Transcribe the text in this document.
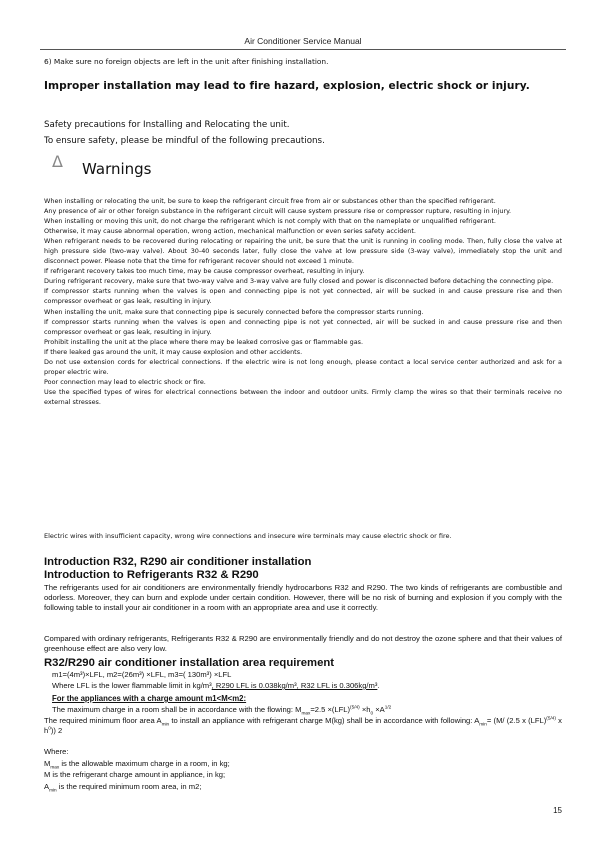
Air Conditioner Service Manual
6) Make sure no foreign objects are left in the unit after finishing installation.
Improper installation may lead to fire hazard, explosion, electric shock or injury.
Safety precautions for Installing and Relocating the unit.
To ensure safety, please be mindful of the following precautions.
Δ Warnings

When installing or relocating the unit, be sure to keep the refrigerant circuit free from air or substances other than the specified refrigerant.

Any presence of air or other foreign substance in the refrigerant circuit will cause system pressure rise or compressor rupture, resulting in injury.

When installing or moving this unit, do not charge the refrigerant which is not comply with that on the nameplate or unqualified refrigerant.

Otherwise, it may cause abnormal operation, wrong action, mechanical malfunction or even series safety accident.

When refrigerant needs to be recovered during relocating or repairing the unit, be sure that the unit is running in cooling mode. Then, fully close the valve at high pressure side (two-way valve). About 30-40 seconds later, fully close the valve at low pressure side (3-way valve), immediately stop the unit and disconnect power. Please note that the time for refrigerant recover should not exceed 1 minute.

If refrigerant recovery takes too much time, may be cause compressor overheat, resulting in injury.

During refrigerant recovery, make sure that two-way valve and 3-way valve are fully closed and power is disconnected before detaching the connecting pipe.

If compressor starts running when the valves is open and connecting pipe is not yet connected, air will be sucked in and cause pressure rise and then compressor overheat or gas leak, resulting in injury.

When installing the unit, make sure that connecting pipe is securely connected before the compressor starts running.

If compressor starts running when the valves is open and connecting pipe is not yet connected, air will be sucked in and cause pressure rise and then compressor overheat or gas leak, resulting in injury.

Prohibit installing the unit at the place where there may be leaked corrosive gas or flammable gas.

If there leaked gas around the unit, it may cause explosion and other accidents.

Do not use extension cords for electrical connections. If the electric wire is not long enough, please contact a local service center authorized and ask for a proper electric wire.

Poor connection may lead to electric shock or fire.

Use the specified types of wires for electrical connections between the indoor and outdoor units. Firmly clamp the wires so that their terminals receive no external stresses.

Electric wires with insufficient capacity, wrong wire connections and insecure wire terminals may cause electric shock or fire.
Introduction R32, R290 air conditioner installation
Introduction to Refrigerants R32 & R290

The refrigerants used for air conditioners are environmentally friendly hydrocarbons R32 and R290. The two kinds of refrigerants are combustible and odorless. Moreover, they can burn and explode under certain condition. However, there will be no risk of burning and explosion if you comply with the following table to install your air conditioner in a room with an appropriate area and use it correctly.

Compared with ordinary refrigerants, Refrigerants R32 & R290 are environmentally friendly and do not destroy the ozone sphere and that their values of greenhouse effect are also very low.

R32/R290 air conditioner installation area requirement
m1=(4m³)×LFL, m2=(26m³) ×LFL, m3=( 130m³) ×LFL
Where LFL is the lower flammable limit in kg/m³, R290 LFL is 0.038kg/m³, R32 LFL is 0.306kg/m³.
For the appliances with a charge amount m1<M<m2:
The maximum charge in a room shall be in accordance with the flowing: $M_{max}=2.5 \times(LFL)^{(5/4)} \times h_0 \times A^{1/2}$
The required minimum floor area $A_{min}$ to install an appliance with refrigerant charge M(kg) shall be in accordance with following: $A_{min}= (M/$ (2.5 x (LFL)$^{(5/4)}$ x $h^0$)) 2
Where:
$M_{max}$ is the allowable maximum charge in a room, in kg;
M is the refrigerant charge amount in appliance, in kg;
$A_{min}$ is the required minimum room area, in m2;
15
